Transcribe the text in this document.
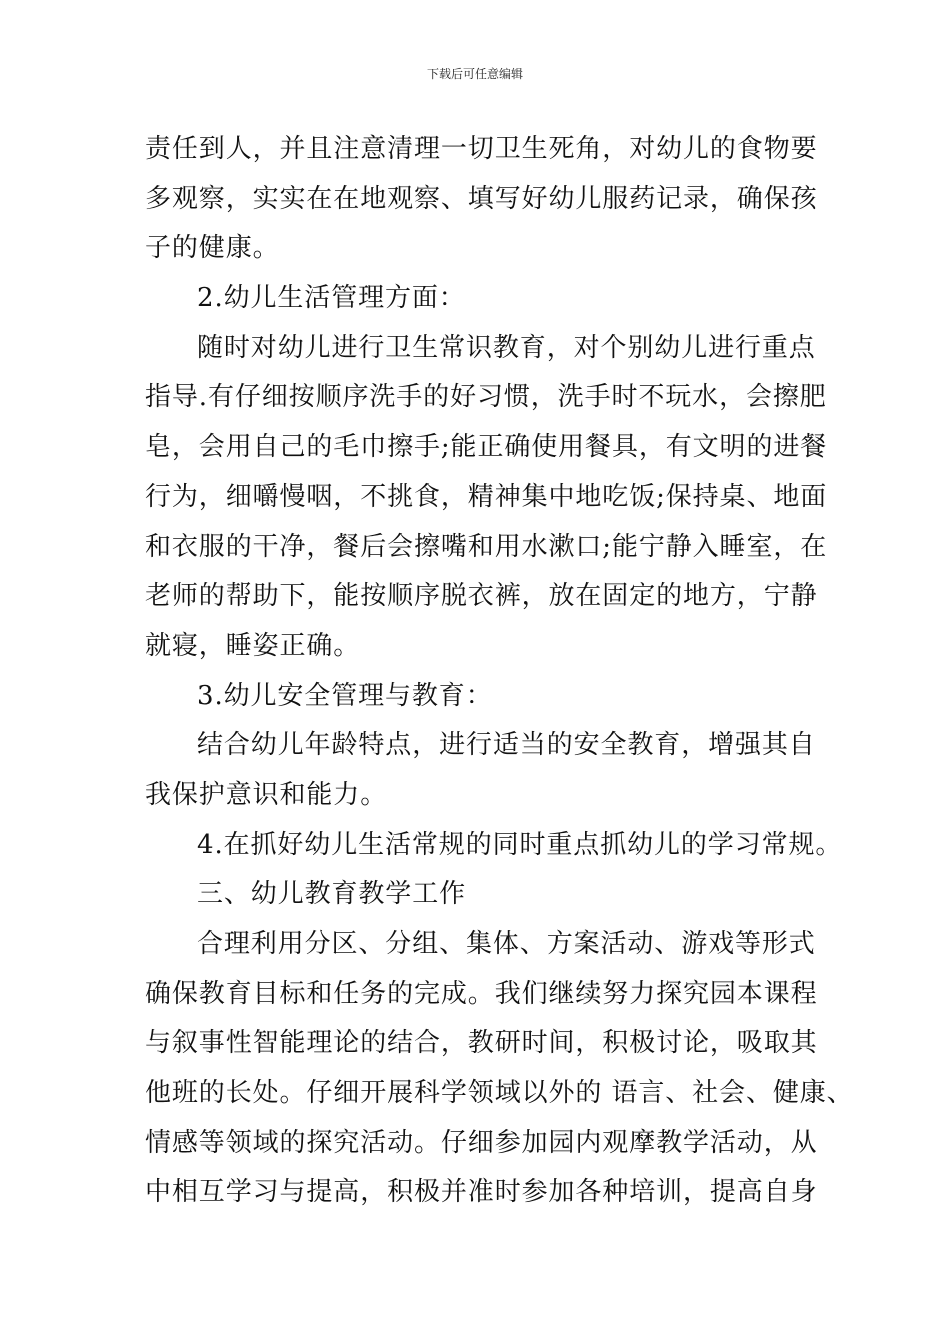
下载后可任意编辑
责任到人，并且注意清理一切卫生死角，对幼儿的食物要
多观察，实实在在地观察、填写好幼儿服药记录，确保孩
子的健康。
2.幼儿生活管理方面：
随时对幼儿进行卫生常识教育，对个别幼儿进行重点
指导.有仔细按顺序洗手的好习惯，洗手时不玩水，会擦肥
皂，会用自己的毛巾擦手;能正确使用餐具，有文明的进餐
行为，细嚼慢咽，不挑食，精神集中地吃饭;保持桌、地面
和衣服的干净，餐后会擦嘴和用水漱口;能宁静入睡室，在
老师的帮助下，能按顺序脱衣裤，放在固定的地方，宁静
就寝，睡姿正确。
3.幼儿安全管理与教育：
结合幼儿年龄特点，进行适当的安全教育，增强其自
我保护意识和能力。
4.在抓好幼儿生活常规的同时重点抓幼儿的学习常规。
三、幼儿教育教学工作
合理利用分区、分组、集体、方案活动、游戏等形式
确保教育目标和任务的完成。我们继续努力探究园本课程
与叙事性智能理论的结合，教研时间，积极讨论，吸取其
他班的长处。仔细开展科学领域以外的 语言、社会、健康、
情感等领域的探究活动。仔细参加园内观摩教学活动，从
中相互学习与提高，积极并准时参加各种培训，提高自身
